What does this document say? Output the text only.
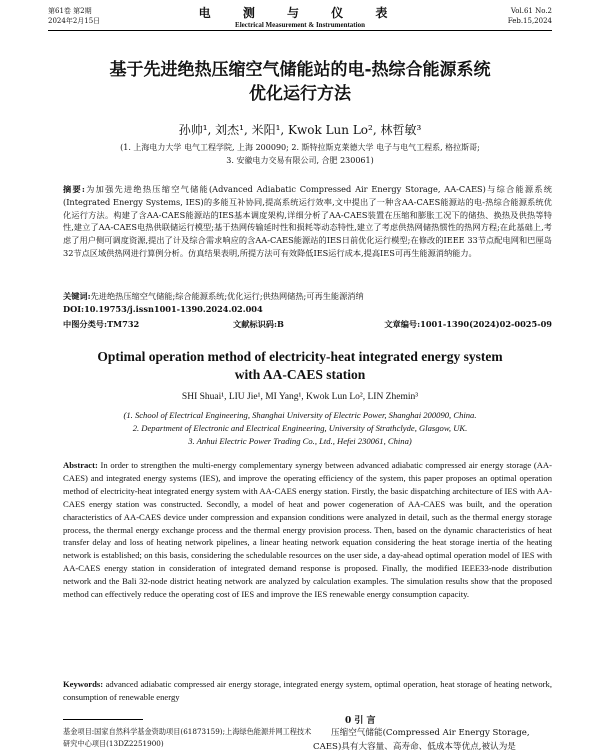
第61卷 第2期
2024年2月15日
电 测 与 仪 表
Electrical Measurement & Instrumentation
Vol.61 No.2
Feb.15,2024
基于先进绝热压缩空气储能站的电-热综合能源系统
优化运行方法
孙帅¹, 刘杰¹, 米阳¹, Kwok Lun Lo², 林哲敏³
(1. 上海电力大学 电气工程学院, 上海 200090; 2. 斯特拉斯克莱德大学 电子与电气工程系, 格拉斯哥;
3. 安徽电力交易有限公司, 合肥 230061)
摘要:为加强先进绝热压缩空气储能(Advanced Adiabatic Compressed Air Energy Storage, AA-CAES)与综合能源系统(Integrated Energy Systems, IES)的多能互补协同,提高系统运行效率,文中提出了一种含AA-CAES能源站的电-热综合能源系统优化运行方法。构建了含AA-CAES能源站的IES基本调度架构,详细分析了AA-CAES装置在压缩和膨胀工况下的储热、换热及供热等特性,建立了AA-CAES电热供联储运行模型;基于热网传输延时性和损耗等动态特性,建立了考虑供热网储热惯性的热网方程;在此基础上,考虑了用户侧可调度资源,提出了计及综合需求响应的含AA-CAES能源站的IES日前优化运行模型;在修改的IEEE 33节点配电网和巴厘岛32节点区域供热网进行算例分析。仿真结果表明,所提方法可有效降低IES运行成本,提高IES可再生能源消纳能力。
关键词:先进绝热压缩空气储能;综合能源系统;优化运行;供热网储热;可再生能源消纳
DOI:10.19753/j.issn1001-1390.2024.02.004
中图分类号:TM732	文献标识码:B	文章编号:1001-1390(2024)02-0025-09
Optimal operation method of electricity-heat integrated energy system
with AA-CAES station
SHI Shuai¹, LIU Jie¹, MI Yang¹, Kwok Lun Lo², LIN Zhemin³
(1. School of Electrical Engineering, Shanghai University of Electric Power, Shanghai 200090, China.
2. Department of Electronic and Electrical Engineering, University of Strathclyde, Glasgow, UK.
3. Anhui Electric Power Trading Co., Ltd., Hefei 230061, China)
Abstract: In order to strengthen the multi-energy complementary synergy between advanced adiabatic compressed air energy storage (AA-CAES) and integrated energy systems (IES), and improve the operating efficiency of the system, this paper proposes an optimal operation method of electricity-heat integrated energy system with AA-CAES energy station. Firstly, the basic dispatching architecture of IES with AA-CAES energy station was constructed. Secondly, a model of heat and power cogeneration of AA-CAES was built, and the operation characteristics of AA-CAES device under compression and expansion conditions were analyzed in detail, such as the thermal energy storage process, the thermal energy exchange process and the thermal energy provision process. Then, based on the dynamic characteristics of heat transfer delay and loss of heating network pipelines, a linear heating network equation considering the heat storage inertia of the heating network is established; on this basis, considering the schedulable resources on the user side, a day-ahead optimal operation model of IES with AA-CAES energy station in consideration of integrated demand response is proposed. Finally, the modified IEEE33-node distribution network and the Bali 32-node district heating network are analyzed by calculation examples. The simulation results show that the proposed method can effectively reduce the operating cost of IES and improve the IES renewable energy consumption capacity.
Keywords: advanced adiabatic compressed air energy storage, integrated energy system, optimal operation, heat storage of heating network, consumption of renewable energy
基金项目:国家自然科学基金资助项目(61873159);上海绿色能源并网工程技术研究中心项目(13DZ2251900)
0 引 言
压缩空气储能(Compressed Air Energy Storage, CAES)具有大容量、高寿命、低成本等优点,被认为是
